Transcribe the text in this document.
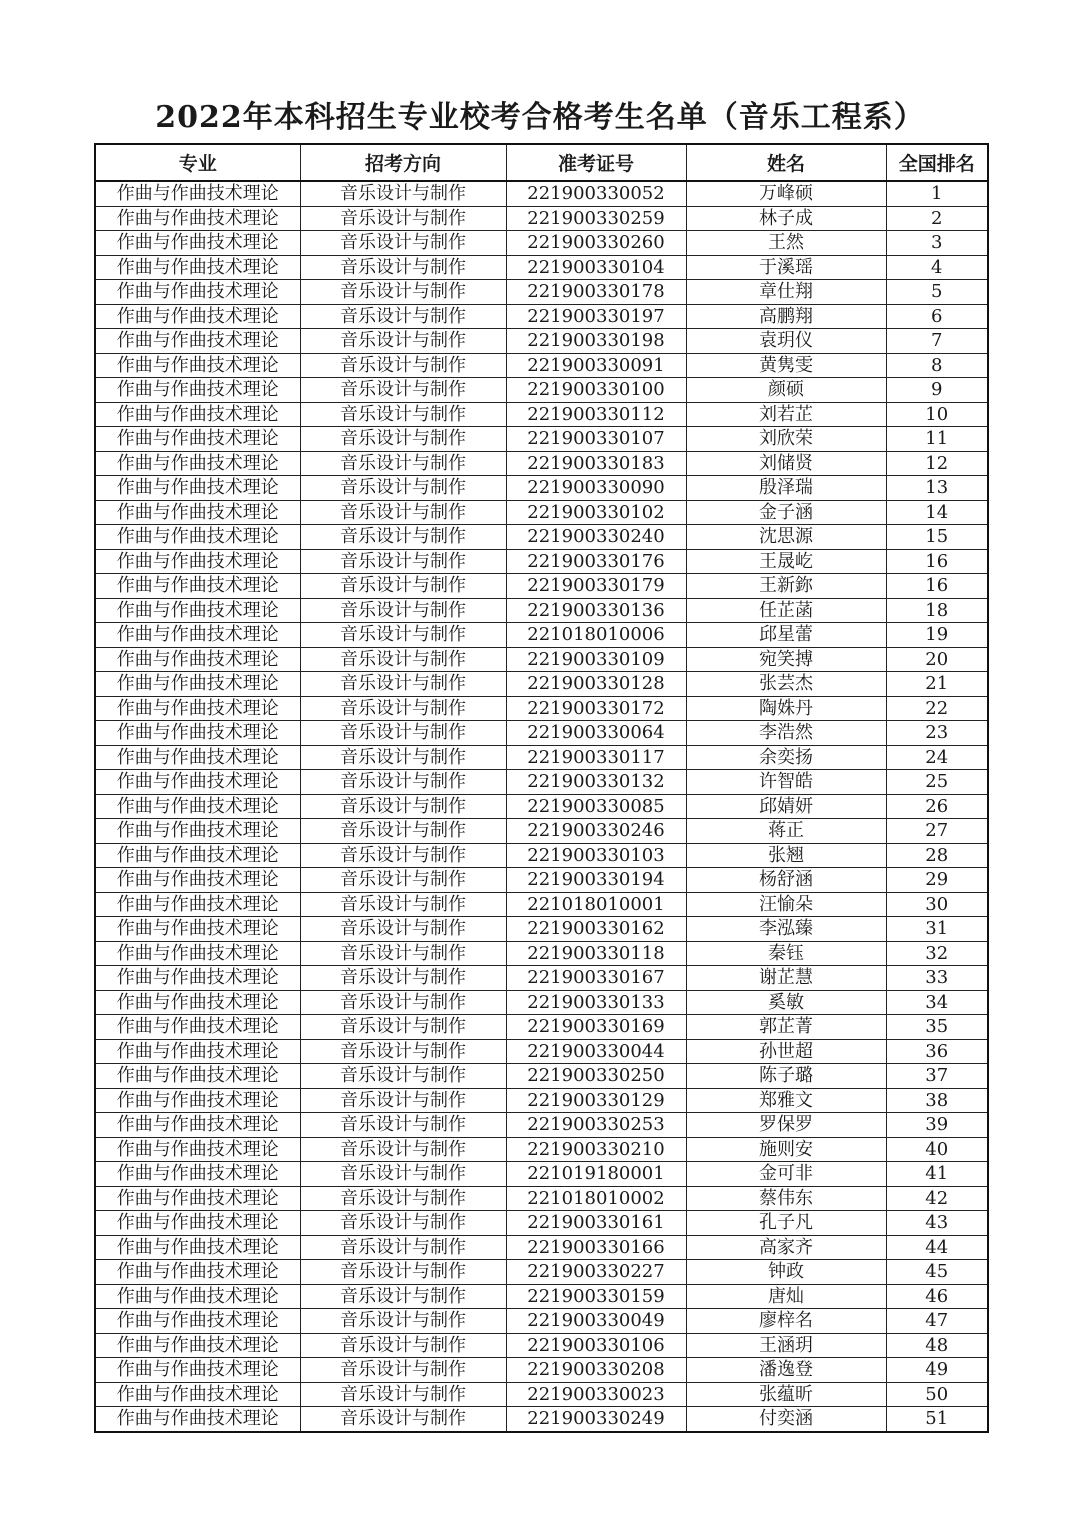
2022年本科招生专业校考合格考生名单（音乐工程系）
专业	招考方向	准考证号	姓名	全国排名
作曲与作曲技术理论	音乐设计与制作	221900330052	万峰硕	1
作曲与作曲技术理论	音乐设计与制作	221900330259	林子成	2
作曲与作曲技术理论	音乐设计与制作	221900330260	王然	3
作曲与作曲技术理论	音乐设计与制作	221900330104	于溪瑶	4
作曲与作曲技术理论	音乐设计与制作	221900330178	章仕翔	5
作曲与作曲技术理论	音乐设计与制作	221900330197	高鹏翔	6
作曲与作曲技术理论	音乐设计与制作	221900330198	袁玥仪	7
作曲与作曲技术理论	音乐设计与制作	221900330091	黄隽雯	8
作曲与作曲技术理论	音乐设计与制作	221900330100	颜硕	9
作曲与作曲技术理论	音乐设计与制作	221900330112	刘若芷	10
作曲与作曲技术理论	音乐设计与制作	221900330107	刘欣荣	11
作曲与作曲技术理论	音乐设计与制作	221900330183	刘储贤	12
作曲与作曲技术理论	音乐设计与制作	221900330090	殷泽瑞	13
作曲与作曲技术理论	音乐设计与制作	221900330102	金子涵	14
作曲与作曲技术理论	音乐设计与制作	221900330240	沈思源	15
作曲与作曲技术理论	音乐设计与制作	221900330176	王晟屹	16
作曲与作曲技术理论	音乐设计与制作	221900330179	王新鉨	16
作曲与作曲技术理论	音乐设计与制作	221900330136	任芷菡	18
作曲与作曲技术理论	音乐设计与制作	221018010006	邱星蕾	19
作曲与作曲技术理论	音乐设计与制作	221900330109	宛笑搏	20
作曲与作曲技术理论	音乐设计与制作	221900330128	张芸杰	21
作曲与作曲技术理论	音乐设计与制作	221900330172	陶姝丹	22
作曲与作曲技术理论	音乐设计与制作	221900330064	李浩然	23
作曲与作曲技术理论	音乐设计与制作	221900330117	余奕扬	24
作曲与作曲技术理论	音乐设计与制作	221900330132	许智皓	25
作曲与作曲技术理论	音乐设计与制作	221900330085	邱婧妍	26
作曲与作曲技术理论	音乐设计与制作	221900330246	蒋正	27
作曲与作曲技术理论	音乐设计与制作	221900330103	张翘	28
作曲与作曲技术理论	音乐设计与制作	221900330194	杨舒涵	29
作曲与作曲技术理论	音乐设计与制作	221018010001	汪愉朵	30
作曲与作曲技术理论	音乐设计与制作	221900330162	李泓臻	31
作曲与作曲技术理论	音乐设计与制作	221900330118	秦钰	32
作曲与作曲技术理论	音乐设计与制作	221900330167	谢芷慧	33
作曲与作曲技术理论	音乐设计与制作	221900330133	奚敏	34
作曲与作曲技术理论	音乐设计与制作	221900330169	郭芷菁	35
作曲与作曲技术理论	音乐设计与制作	221900330044	孙世超	36
作曲与作曲技术理论	音乐设计与制作	221900330250	陈子璐	37
作曲与作曲技术理论	音乐设计与制作	221900330129	郑雅文	38
作曲与作曲技术理论	音乐设计与制作	221900330253	罗保罗	39
作曲与作曲技术理论	音乐设计与制作	221900330210	施则安	40
作曲与作曲技术理论	音乐设计与制作	221019180001	金可非	41
作曲与作曲技术理论	音乐设计与制作	221018010002	蔡伟东	42
作曲与作曲技术理论	音乐设计与制作	221900330161	孔子凡	43
作曲与作曲技术理论	音乐设计与制作	221900330166	高家齐	44
作曲与作曲技术理论	音乐设计与制作	221900330227	钟政	45
作曲与作曲技术理论	音乐设计与制作	221900330159	唐灿	46
作曲与作曲技术理论	音乐设计与制作	221900330049	廖梓名	47
作曲与作曲技术理论	音乐设计与制作	221900330106	王涵玥	48
作曲与作曲技术理论	音乐设计与制作	221900330208	潘逸登	49
作曲与作曲技术理论	音乐设计与制作	221900330023	张蕴昕	50
作曲与作曲技术理论	音乐设计与制作	221900330249	付奕涵	51
